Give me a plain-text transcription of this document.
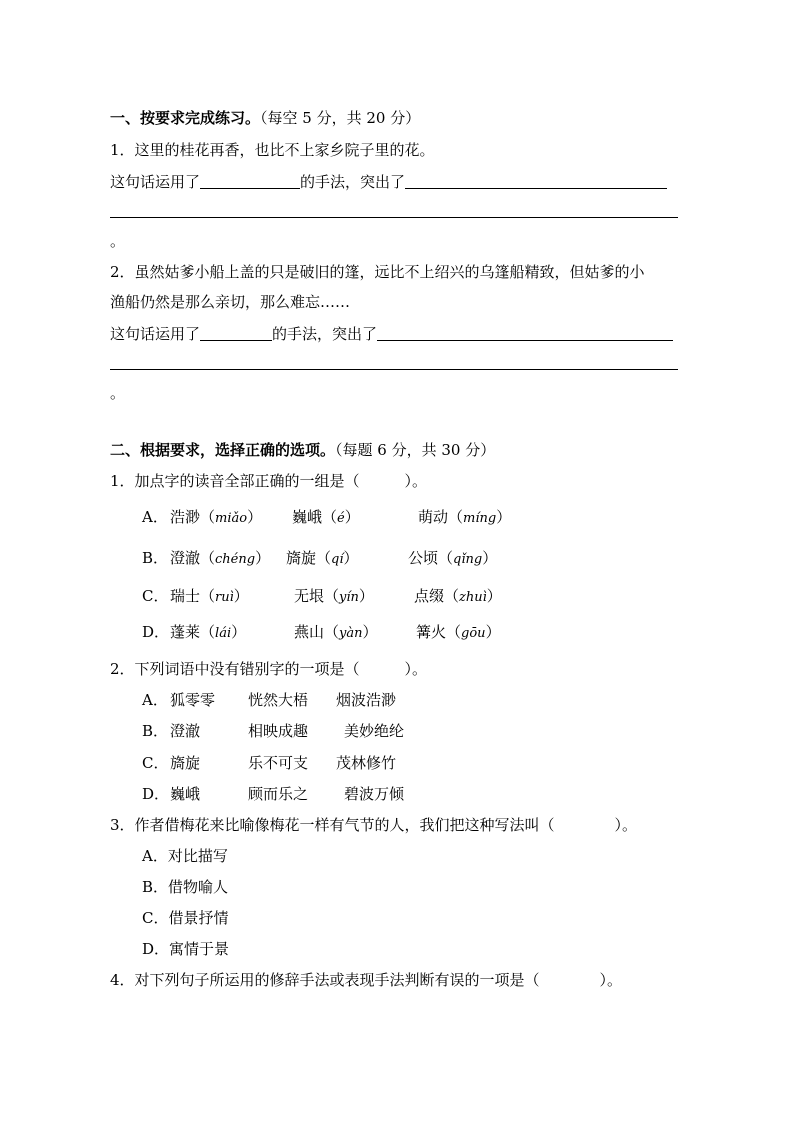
一、按要求完成练习。（每空 5 分，共 20 分）
1．这里的桂花再香，也比不上家乡院子里的花。
这句话运用了	的手法，突出了
。
2．虽然姑爹小船上盖的只是破旧的篷，远比不上绍兴的乌篷船精致，但姑爹的小
渔船仍然是那么亲切，那么难忘……
这句话运用了	的手法，突出了
。
二、根据要求，选择正确的选项。（每题 6 分，共 30 分）
1．加点字的读音全部正确的一组是（　　　）。
A． 浩渺（miǎo） 巍峨（é）	萌动（míng）
B． 澄澈（chéng） 旖旋（qí）	公顷（qǐng）
C． 瑞士（ruì）	无垠（yín）	点缀（zhuì）
D． 蓬莱（lái）	燕山（yàn）	篝火（gōu）
2．下列词语中没有错别字的一项是（　　　）。
A． 狐零零 恍然大梧 烟波浩渺
B． 澄澈	相映成趣 美妙绝纶
C． 旖旋	乐不可支 茂林修竹
D． 巍峨	顾而乐之 碧波万倾
3．作者借梅花来比喻像梅花一样有气节的人，我们把这种写法叫（　　　　）。
A．对比描写
B．借物喻人
C．借景抒情
D．寓情于景
4．对下列句子所运用的修辞手法或表现手法判断有误的一项是（　　　　）。
